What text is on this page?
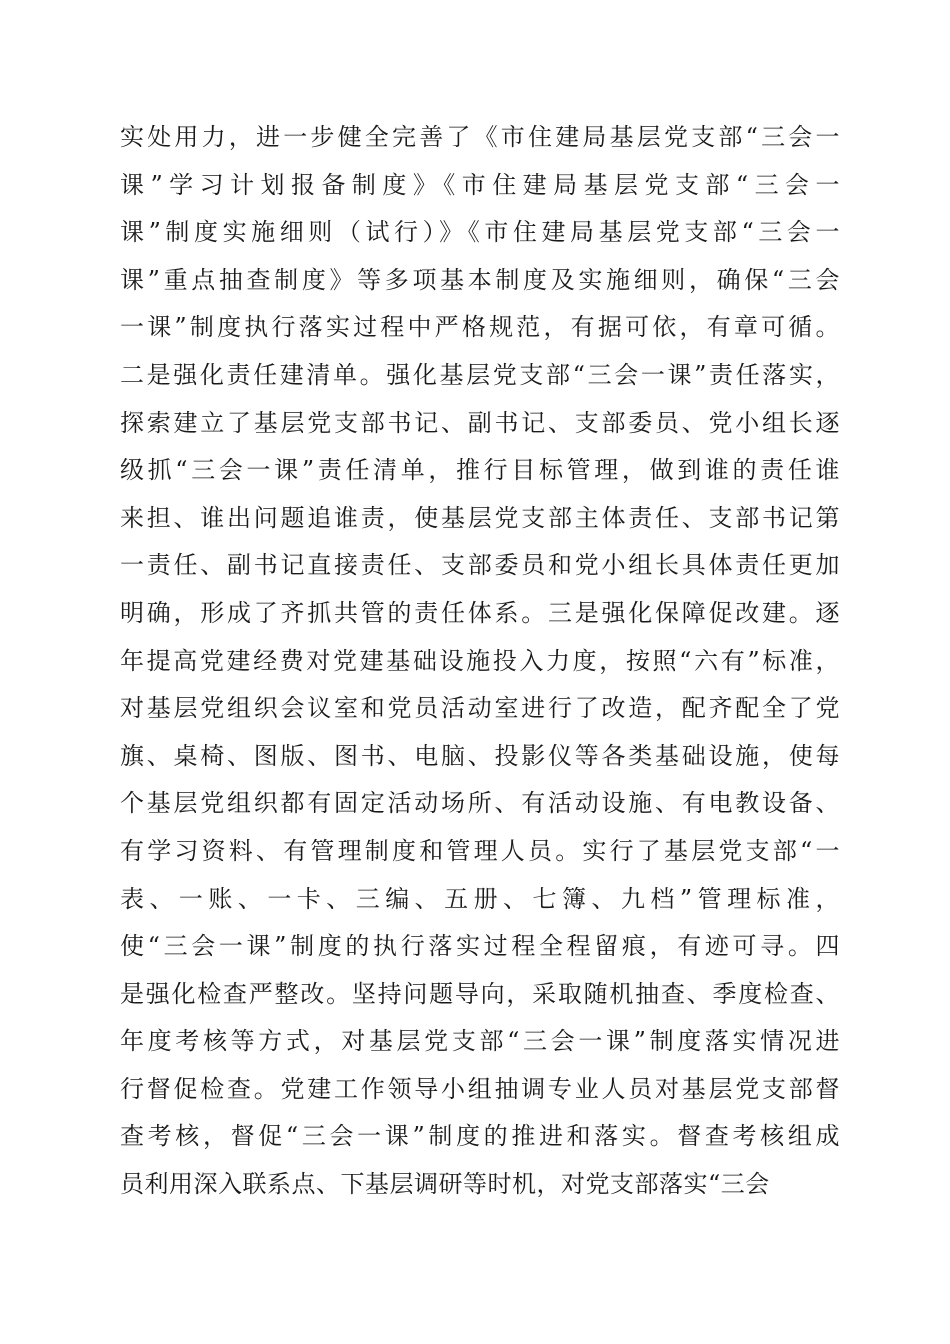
实处用力，进一步健全完善了《市住建局基层党支部“三会一
课”学习计划报备制度》《市住建局基层党支部“三会一
课”制度实施细则（试行）》《市住建局基层党支部“三会一
课”重点抽查制度》等多项基本制度及实施细则，确保“三会
一课”制度执行落实过程中严格规范，有据可依，有章可循。
二是强化责任建清单。强化基层党支部“三会一课”责任落实，
探索建立了基层党支部书记、副书记、支部委员、党小组长逐
级抓“三会一课”责任清单，推行目标管理，做到谁的责任谁
来担、谁出问题追谁责，使基层党支部主体责任、支部书记第
一责任、副书记直接责任、支部委员和党小组长具体责任更加
明确，形成了齐抓共管的责任体系。三是强化保障促改建。逐
年提高党建经费对党建基础设施投入力度，按照“六有”标准，
对基层党组织会议室和党员活动室进行了改造，配齐配全了党
旗、桌椅、图版、图书、电脑、投影仪等各类基础设施，使每
个基层党组织都有固定活动场所、有活动设施、有电教设备、
有学习资料、有管理制度和管理人员。实行了基层党支部“一
表、一账、一卡、三编、五册、七簿、九档”管理标准，
使“三会一课”制度的执行落实过程全程留痕，有迹可寻。四
是强化检查严整改。坚持问题导向，采取随机抽查、季度检查、
年度考核等方式，对基层党支部“三会一课”制度落实情况进
行督促检查。党建工作领导小组抽调专业人员对基层党支部督
查考核，督促“三会一课”制度的推进和落实。督查考核组成
员利用深入联系点、下基层调研等时机，对党支部落实“三会
